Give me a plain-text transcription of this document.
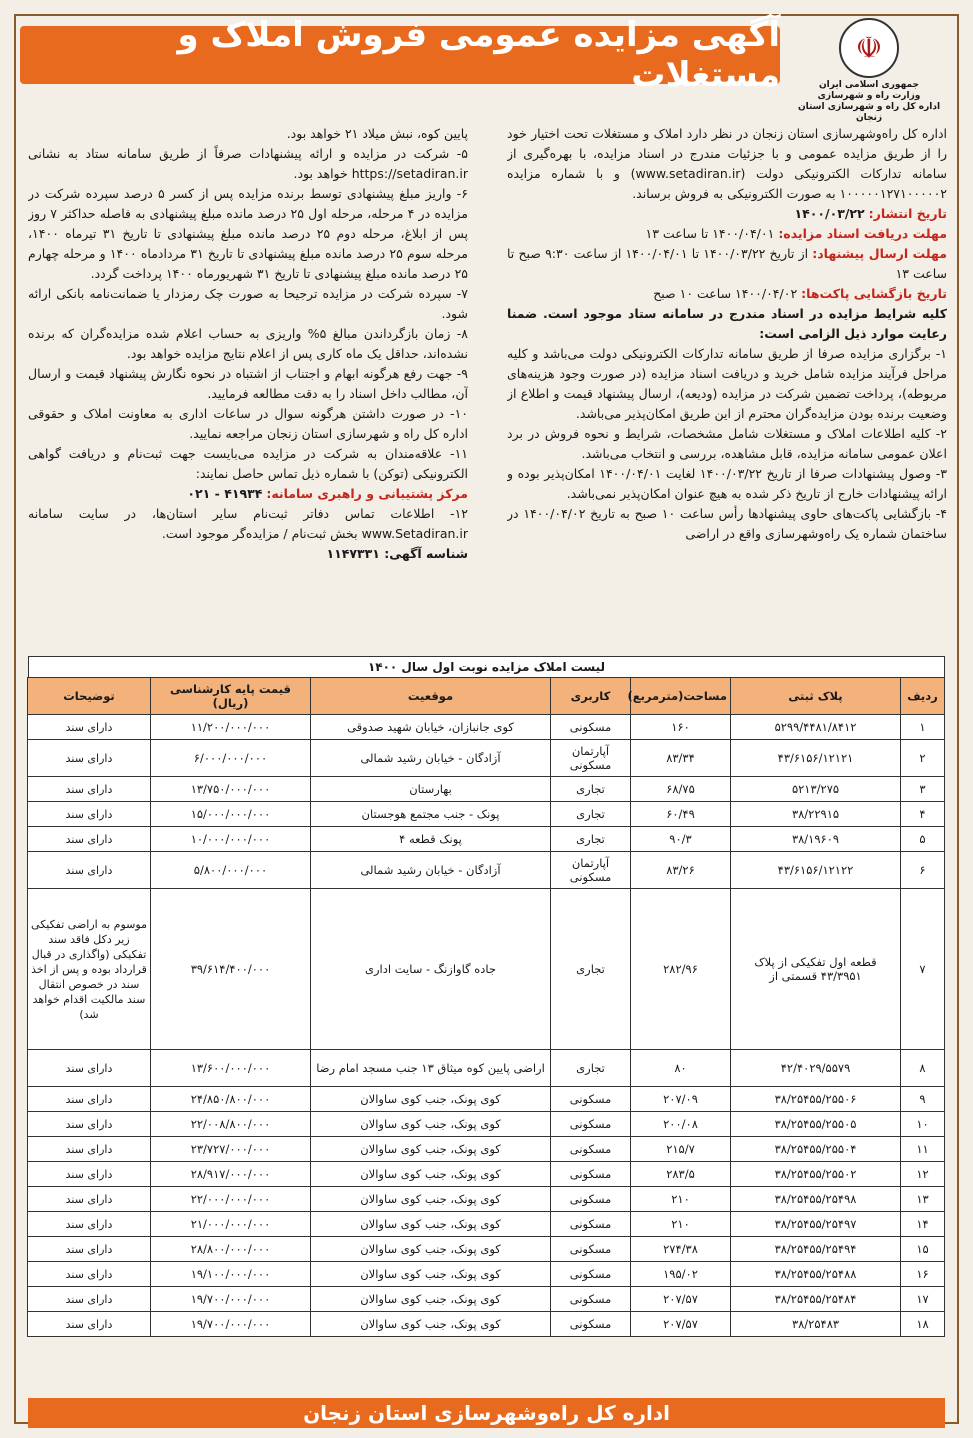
☫
جمهوری اسلامی ایران
وزارت راه و شهرسازی
اداره کل راه و شهرسازی استان زنجان
آگهی مزایده عمومی فروش املاک و مستغلات

اداره کل راه‌وشهرسازی استان زنجان در نظر دارد املاک و مستغلات تحت اختیار خود را از طریق مزایده عمومی و با جزئیات مندرج در اسناد مزایده، با بهره‌گیری از سامانه تدارکات الکترونیکی دولت (www.setadiran.ir) و با شماره مزایده ۱۰۰۰۰۰۱۲۷۱۰۰۰۰۰۲ به صورت الکترونیکی به فروش برساند.

تاریخ انتشار: ۱۴۰۰/۰۳/۲۲

مهلت دریافت اسناد مزایده: ۱۴۰۰/۰۴/۰۱ تا ساعت ۱۳

مهلت ارسال پیشنهاد: از تاریخ ۱۴۰۰/۰۳/۲۲ تا ۱۴۰۰/۰۴/۰۱ از ساعت ۹:۳۰ صبح تا ساعت ۱۳

تاریخ بازگشایی پاکت‌ها: ۱۴۰۰/۰۴/۰۲ ساعت ۱۰ صبح

کلیه شرایط مزایده در اسناد مندرج در سامانه ستاد موجود است. ضمنا رعایت موارد ذیل الزامی است:

۱- برگزاری مزایده صرفا از طریق سامانه تدارکات الکترونیکی دولت می‌باشد و کلیه مراحل فرآیند مزایده شامل خرید و دریافت اسناد مزایده (در صورت وجود هزینه‌های مربوطه)، پرداخت تضمین شرکت در مزایده (ودیعه)، ارسال پیشنهاد قیمت و اطلاع از وضعیت برنده بودن مزایده‌گران محترم از این طریق امکان‌پذیر می‌باشد.

۲- کلیه اطلاعات املاک و مستغلات شامل مشخصات، شرایط و نحوه فروش در برد اعلان عمومی سامانه مزایده، قابل مشاهده، بررسی و انتخاب می‌باشد.

۳- وصول پیشنهادات صرفا از تاریخ ۱۴۰۰/۰۳/۲۲ لغایت ۱۴۰۰/۰۴/۰۱ امکان‌پذیر بوده و ارائه پیشنهادات خارج از تاریخ ذکر شده به هیچ عنوان امکان‌پذیر نمی‌باشد.

۴- بازگشایی پاکت‌های حاوی پیشنهادها رأس ساعت ۱۰ صبح به تاریخ ۱۴۰۰/۰۴/۰۲ در ساختمان شماره یک راه‌وشهرسازی واقع در اراضی

پایین کوه، نبش میلاد ۲۱ خواهد بود.

۵- شرکت در مزایده و ارائه پیشنهادات صرفاً از طریق سامانه ستاد به نشانی https://setadiran.ir خواهد بود.

۶- واریز مبلغ پیشنهادی توسط برنده مزایده پس از کسر ۵ درصد سپرده شرکت در مزایده در ۴ مرحله، مرحله اول ۲۵ درصد مانده مبلغ پیشنهادی به فاصله حداکثر ۷ روز پس از ابلاغ، مرحله دوم ۲۵ درصد مانده مبلغ پیشنهادی تا تاریخ ۳۱ تیرماه ۱۴۰۰، مرحله سوم ۲۵ درصد مانده مبلغ پیشنهادی تا تاریخ ۳۱ مردادماه ۱۴۰۰ و مرحله چهارم ۲۵ درصد مانده مبلغ پیشنهادی تا تاریخ ۳۱ شهریورماه ۱۴۰۰ پرداخت گردد.

۷- سپرده شرکت در مزایده ترجیحا به صورت چک رمزدار یا ضمانت‌نامه بانکی ارائه شود.

۸- زمان بازگرداندن مبالغ ۵% واریزی به حساب اعلام شده مزایده‌گران که برنده نشده‌اند، حداقل یک ماه کاری پس از اعلام نتایج مزایده خواهد بود.

۹- جهت رفع هرگونه ابهام و اجتناب از اشتباه در نحوه نگارش پیشنهاد قیمت و ارسال آن، مطالب داخل اسناد را به دقت مطالعه فرمایید.

۱۰- در صورت داشتن هرگونه سوال در ساعات اداری به معاونت املاک و حقوقی اداره کل راه و شهرسازی استان زنجان مراجعه نمایید.

۱۱- علاقه‌مندان به شرکت در مزایده می‌بایست جهت ثبت‌نام و دریافت گواهی الکترونیکی (توکن) با شماره ذیل تماس حاصل نمایند:

مرکز پشتیبانی و راهبری سامانه: ۴۱۹۳۴ - ۰۲۱

۱۲- اطلاعات تماس دفاتر ثبت‌نام سایر استان‌ها، در سایت سامانه www.Setadiran.ir بخش ثبت‌نام / مزایده‌گر موجود است.

شناسه آگهی: ۱۱۴۷۳۳۱

لیست املاک مزایده نوبت اول سال ۱۴۰۰
ردیف	پلاک ثبتی	مساحت(مترمربع)	کاربری	موقعیت	قیمت پایه کارشناسی (ریال)	توضیحات
۱	۵۲۹۹/۴۴۸۱/۸۴۱۲	۱۶۰	مسکونی	کوی جانبازان، خیابان شهید صدوقی	۱۱/۲۰۰/۰۰۰/۰۰۰	دارای سند
۲	۴۳/۶۱۵۶/۱۲۱۲۱	۸۳/۳۴	آپارتمان مسکونی	آزادگان - خیابان رشید شمالی	۶/۰۰۰/۰۰۰/۰۰۰	دارای سند
۳	۵۲۱۳/۲۷۵	۶۸/۷۵	تجاری	بهارستان	۱۳/۷۵۰/۰۰۰/۰۰۰	دارای سند
۴	۳۸/۲۲۹۱۵	۶۰/۴۹	تجاری	پونک - جنب مجتمع هوجستان	۱۵/۰۰۰/۰۰۰/۰۰۰	دارای سند
۵	۳۸/۱۹۶۰۹	۹۰/۳	تجاری	پونک قطعه ۴	۱۰/۰۰۰/۰۰۰/۰۰۰	دارای سند
۶	۴۳/۶۱۵۶/۱۲۱۲۲	۸۳/۲۶	آپارتمان مسکونی	آزادگان - خیابان رشید شمالی	۵/۸۰۰/۰۰۰/۰۰۰	دارای سند
۷	قطعه اول تفکیکی از پلاک ۴۳/۳۹۵۱ قسمتی از	۲۸۲/۹۶	تجاری	جاده گاوازنگ - سایت اداری	۳۹/۶۱۴/۴۰۰/۰۰۰	موسوم به اراضی تفکیکی زیر دکل فاقد سند تفکیکی (واگذاری در قبال قرارداد بوده و پس از اخذ سند در خصوص انتقال سند مالکیت اقدام خواهد شد)
۸	۴۲/۴۰۲۹/۵۵۷۹	۸۰	تجاری	اراضی پایین کوه میثاق ۱۳ جنب مسجد امام رضا	۱۳/۶۰۰/۰۰۰/۰۰۰	دارای سند
۹	۳۸/۲۵۴۵۵/۲۵۵۰۶	۲۰۷/۰۹	مسکونی	کوی پونک، جنب کوی ساوالان	۲۴/۸۵۰/۸۰۰/۰۰۰	دارای سند
۱۰	۳۸/۲۵۴۵۵/۲۵۵۰۵	۲۰۰/۰۸	مسکونی	کوی پونک، جنب کوی ساوالان	۲۲/۰۰۸/۸۰۰/۰۰۰	دارای سند
۱۱	۳۸/۲۵۴۵۵/۲۵۵۰۴	۲۱۵/۷	مسکونی	کوی پونک، جنب کوی ساوالان	۲۳/۷۲۷/۰۰۰/۰۰۰	دارای سند
۱۲	۳۸/۲۵۴۵۵/۲۵۵۰۲	۲۸۳/۵	مسکونی	کوی پونک، جنب کوی ساوالان	۲۸/۹۱۷/۰۰۰/۰۰۰	دارای سند
۱۳	۳۸/۲۵۴۵۵/۲۵۴۹۸	۲۱۰	مسکونی	کوی پونک، جنب کوی ساوالان	۲۲/۰۰۰/۰۰۰/۰۰۰	دارای سند
۱۴	۳۸/۲۵۴۵۵/۲۵۴۹۷	۲۱۰	مسکونی	کوی پونک، جنب کوی ساوالان	۲۱/۰۰۰/۰۰۰/۰۰۰	دارای سند
۱۵	۳۸/۲۵۴۵۵/۲۵۴۹۴	۲۷۴/۳۸	مسکونی	کوی پونک، جنب کوی ساوالان	۲۸/۸۰۰/۰۰۰/۰۰۰	دارای سند
۱۶	۳۸/۲۵۴۵۵/۲۵۴۸۸	۱۹۵/۰۲	مسکونی	کوی پونک، جنب کوی ساوالان	۱۹/۱۰۰/۰۰۰/۰۰۰	دارای سند
۱۷	۳۸/۲۵۴۵۵/۲۵۴۸۴	۲۰۷/۵۷	مسکونی	کوی پونک، جنب کوی ساوالان	۱۹/۷۰۰/۰۰۰/۰۰۰	دارای سند
۱۸	۳۸/۲۵۴۸۳	۲۰۷/۵۷	مسکونی	کوی پونک، جنب کوی ساوالان	۱۹/۷۰۰/۰۰۰/۰۰۰	دارای سند
اداره کل راه‌وشهرسازی استان زنجان
